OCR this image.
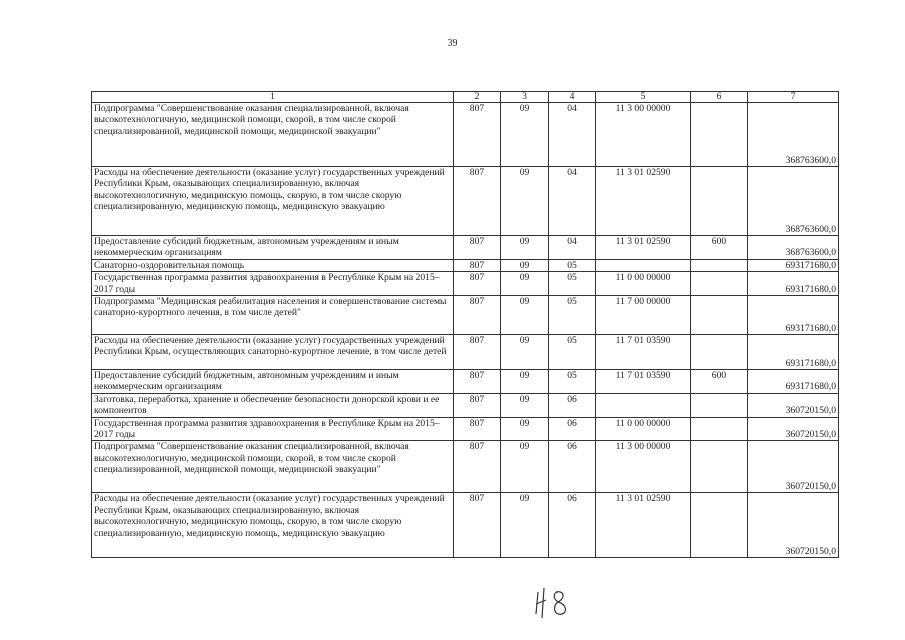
39
1	2	3	4	5	6	7
Подпрограмма "Совершенствование оказания специализированной, включая высокотехнологичную, медицинской помощи, скорой, в том числе скорой специализированной, медицинской помощи, медицинской эвакуации"	807	09	04	11 3 00 00000		368763600,0
Расходы на обеспечение деятельности (оказание услуг) государственных учреждений Республики Крым, оказывающих специализированную, включая высокотехнологичную, медицинскую помощь, скорую, в том числе скорую специализированную, медицинскую помощь, медицинскую эвакуацию	807	09	04	11 3 01 02590		368763600,0
Предоставление субсидий бюджетным, автономным учреждениям и иным некоммерческим организациям	807	09	04	11 3 01 02590	600	368763600,0
Санаторно-оздоровительная помощь	807	09	05			693171680,0
Государственная программа развития здравоохранения в Республике Крым на 2015–2017 годы	807	09	05	11 0 00 00000		693171680,0
Подпрограмма "Медицинская реабилитация населения и совершенствование системы санаторно-курортного лечения, в том числе детей"	807	09	05	11 7 00 00000		693171680,0
Расходы на обеспечение деятельности (оказание услуг) государственных учреждений Республики Крым, осуществляющих санаторно-курортное лечение, в том числе детей	807	09	05	11 7 01 03590		693171680,0
Предоставление субсидий бюджетным, автономным учреждениям и иным некоммерческим организациям	807	09	05	11 7 01 03590	600	693171680,0
Заготовка, переработка, хранение и обеспечение безопасности донорской крови и ее компонентов	807	09	06			360720150,0
Государственная программа развития здравоохранения в Республике Крым на 2015–2017 годы	807	09	06	11 0 00 00000		360720150,0
Подпрограмма "Совершенствование оказания специализированной, включая высокотехнологичную, медицинской помощи, скорой, в том числе скорой специализированной, медицинской помощи, медицинской эвакуации"	807	09	06	11 3 00 00000		360720150,0
Расходы на обеспечение деятельности (оказание услуг) государственных учреждений Республики Крым, оказывающих специализированную, включая высокотехнологичную, медицинскую помощь, скорую, в том числе скорую специализированную, медицинскую помощь, медицинскую эвакуацию	807	09	06	11 3 01 02590		360720150,0
